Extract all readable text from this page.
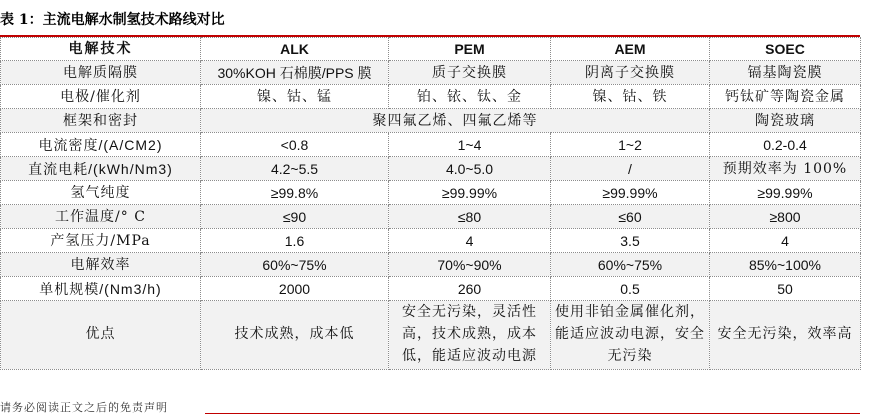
表 1：主流电解水制氢技术路线对比
电解技术	ALK	PEM	AEM	SOEC
电解质隔膜	30%KOH 石棉膜/PPS 膜	质子交换膜	阴离子交换膜	镉基陶瓷膜
电极/催化剂	镍、钴、锰	铂、铱、钛、金	镍、钴、铁	钙钛矿等陶瓷金属
框架和密封	聚四氟乙烯、四氟乙烯等			陶瓷玻璃
电流密度/(A/CM2)	<0.8	1~4	1~2	0.2-0.4
直流电耗/(kWh/Nm3)	4.2~5.5	4.0~5.0	/	预期效率为 100%
氢气纯度	≥99.8%	≥99.99%	≥99.99%	≥99.99%
工作温度/° C	≤90	≤80	≤60	≥800
产氢压力/MPa	1.6	4	3.5	4
电解效率	60%~75%	70%~90%	60%~75%	85%~100%
单机规模/(Nm3/h)	2000	260	0.5	50
优点	技术成熟，成本低	安全无污染，灵活性高，技术成熟，成本低，能适应波动电源	使用非铂金属催化剂，能适应波动电源，安全无污染	安全无污染，效率高
请务必阅读正文之后的免责声明
